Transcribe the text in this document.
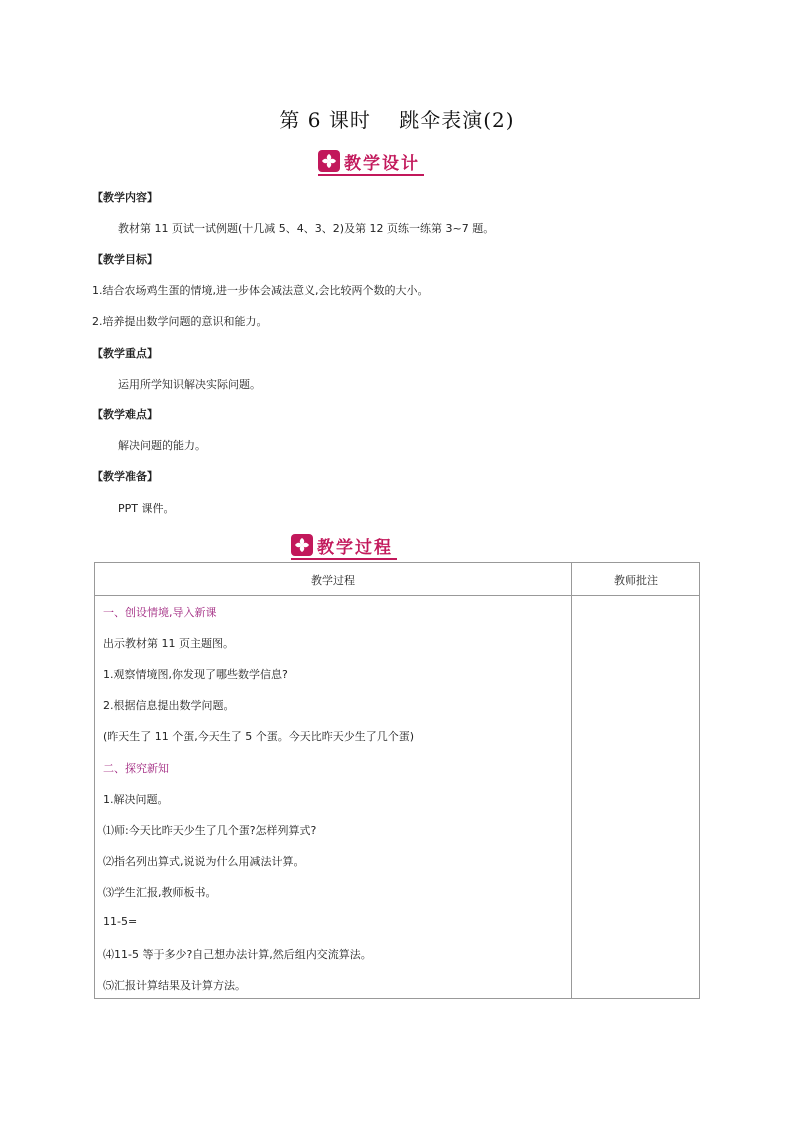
第 6 课时　 跳伞表演(2)
教学设计
【教学内容】
教材第 11 页试一试例题(十几减 5、4、3、2)及第 12 页练一练第 3~7 题。
【教学目标】
1.结合农场鸡生蛋的情境,进一步体会减法意义,会比较两个数的大小。
2.培养提出数学问题的意识和能力。
【教学重点】
运用所学知识解决实际问题。
【教学难点】
解决问题的能力。
【教学准备】
PPT 课件。
教学过程
教学过程	教师批注
一、创设情境,导入新课
出示教材第 11 页主题图。
1.观察情境图,你发现了哪些数学信息?
2.根据信息提出数学问题。
(昨天生了 11 个蛋,今天生了 5 个蛋。今天比昨天少生了几个蛋)
二、探究新知
1.解决问题。
⑴师:今天比昨天少生了几个蛋?怎样列算式?
⑵指名列出算式,说说为什么用减法计算。
⑶学生汇报,教师板书。
11-5=
⑷11-5 等于多少?自己想办法计算,然后组内交流算法。
⑸汇报计算结果及计算方法。
